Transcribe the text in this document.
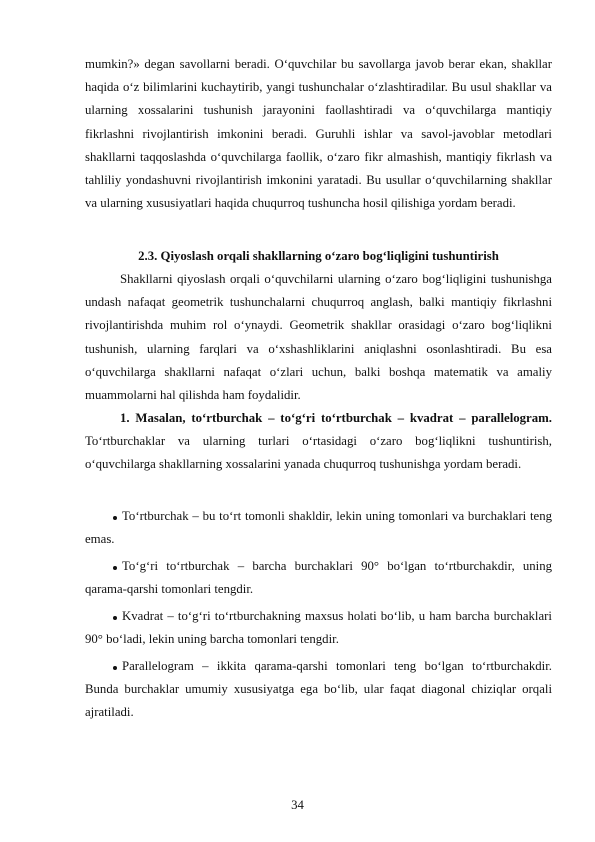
mumkin?» degan savollarni beradi. O‘quvchilar bu savollarga javob berar ekan, shakllar haqida o‘z bilimlarini kuchaytirib, yangi tushunchalar o‘zlashtiradilar. Bu usul shakllar va ularning xossalarini tushunish jarayonini faollashtiradi va o‘quvchilarga mantiqiy fikrlashni rivojlantirish imkonini beradi. Guruhli ishlar va savol-javoblar metodlari shakllarni taqqoslashda o‘quvchilarga faollik, o‘zaro fikr almashish, mantiqiy fikrlash va tahliliy yondashuvni rivojlantirish imkonini yaratadi. Bu usullar o‘quvchilarning shakllar va ularning xususiyatlari haqida chuqurroq tushuncha hosil qilishiga yordam beradi.

2.3. Qiyoslash orqali shakllarning o‘zaro bog‘liqligini tushuntirish

Shakllarni qiyoslash orqali o‘quvchilarni ularning o‘zaro bog‘liqligini tushunishga undash nafaqat geometrik tushunchalarni chuqurroq anglash, balki mantiqiy fikrlashni rivojlantirishda muhim rol o‘ynaydi. Geometrik shakllar orasidagi o‘zaro bog‘liqlikni tushunish, ularning farqlari va o‘xshashliklarini aniqlashni osonlashtiradi. Bu esa o‘quvchilarga shakllarni nafaqat o‘zlari uchun, balki boshqa matematik va amaliy muammolarni hal qilishda ham foydalidir.

1. Masalan, to‘rtburchak – to‘g‘ri to‘rtburchak – kvadrat – parallelogram. To‘rtburchaklar va ularning turlari o‘rtasidagi o‘zaro bog‘liqlikni tushuntirish, o‘quvchilarga shakllarning xossalarini yanada chuqurroq tushunishga yordam beradi.

To‘rtburchak – bu to‘rt tomonli shakldir, lekin uning tomonlari va burchaklari teng emas.
To‘g‘ri to‘rtburchak – barcha burchaklari 90° bo‘lgan to‘rtburchakdir, uning qarama-qarshi tomonlari tengdir.
Kvadrat – to‘g‘ri to‘rtburchakning maxsus holati bo‘lib, u ham barcha burchaklari 90° bo‘ladi, lekin uning barcha tomonlari tengdir.
Parallelogram – ikkita qarama-qarshi tomonlari teng bo‘lgan to‘rtburchakdir. Bunda burchaklar umumiy xususiyatga ega bo‘lib, ular faqat diagonal chiziqlar orqali ajratiladi.
34
